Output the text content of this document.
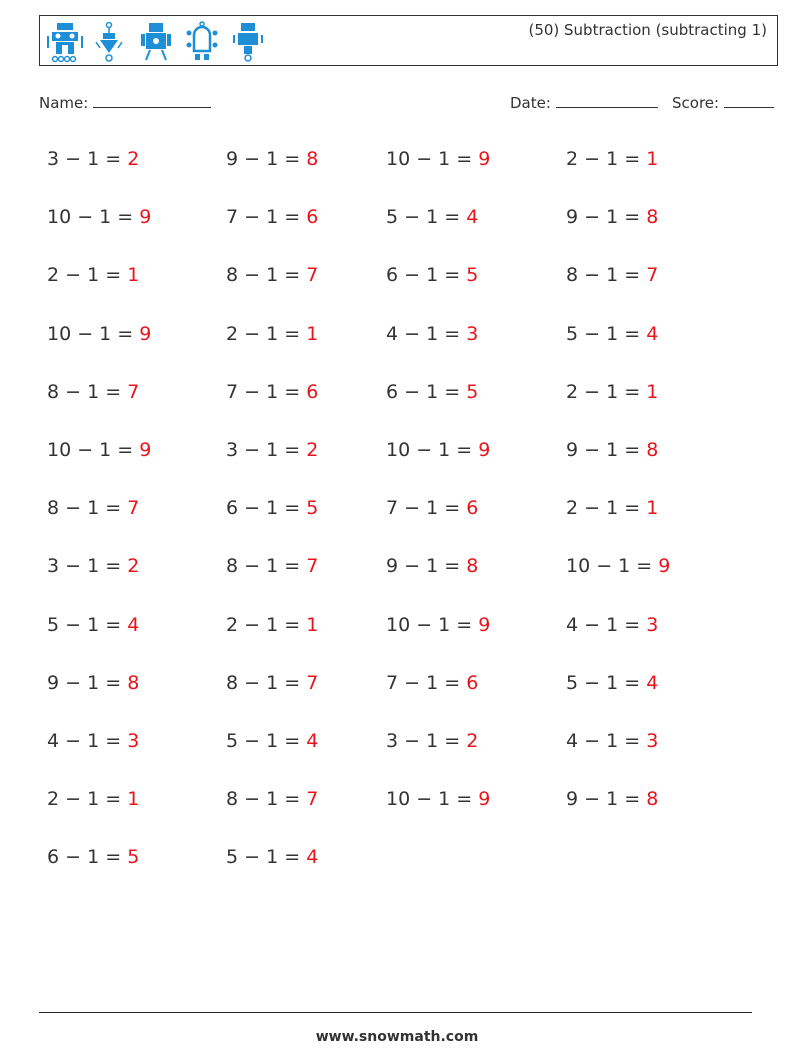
(50) Subtraction (subtracting 1)
Name:	Date:	Score:
3 − 1 = 2
10 − 1 = 9
2 − 1 = 1
10 − 1 = 9
8 − 1 = 7
10 − 1 = 9
8 − 1 = 7
3 − 1 = 2
5 − 1 = 4
9 − 1 = 8
4 − 1 = 3
2 − 1 = 1
6 − 1 = 5
9 − 1 = 8
7 − 1 = 6
8 − 1 = 7
2 − 1 = 1
7 − 1 = 6
3 − 1 = 2
6 − 1 = 5
8 − 1 = 7
2 − 1 = 1
8 − 1 = 7
5 − 1 = 4
8 − 1 = 7
5 − 1 = 4
10 − 1 = 9
5 − 1 = 4
6 − 1 = 5
4 − 1 = 3
6 − 1 = 5
10 − 1 = 9
7 − 1 = 6
9 − 1 = 8
10 − 1 = 9
7 − 1 = 6
3 − 1 = 2
10 − 1 = 9
2 − 1 = 1
9 − 1 = 8
8 − 1 = 7
5 − 1 = 4
2 − 1 = 1
9 − 1 = 8
2 − 1 = 1
10 − 1 = 9
4 − 1 = 3
5 − 1 = 4
4 − 1 = 3
9 − 1 = 8
www.snowmath.com
